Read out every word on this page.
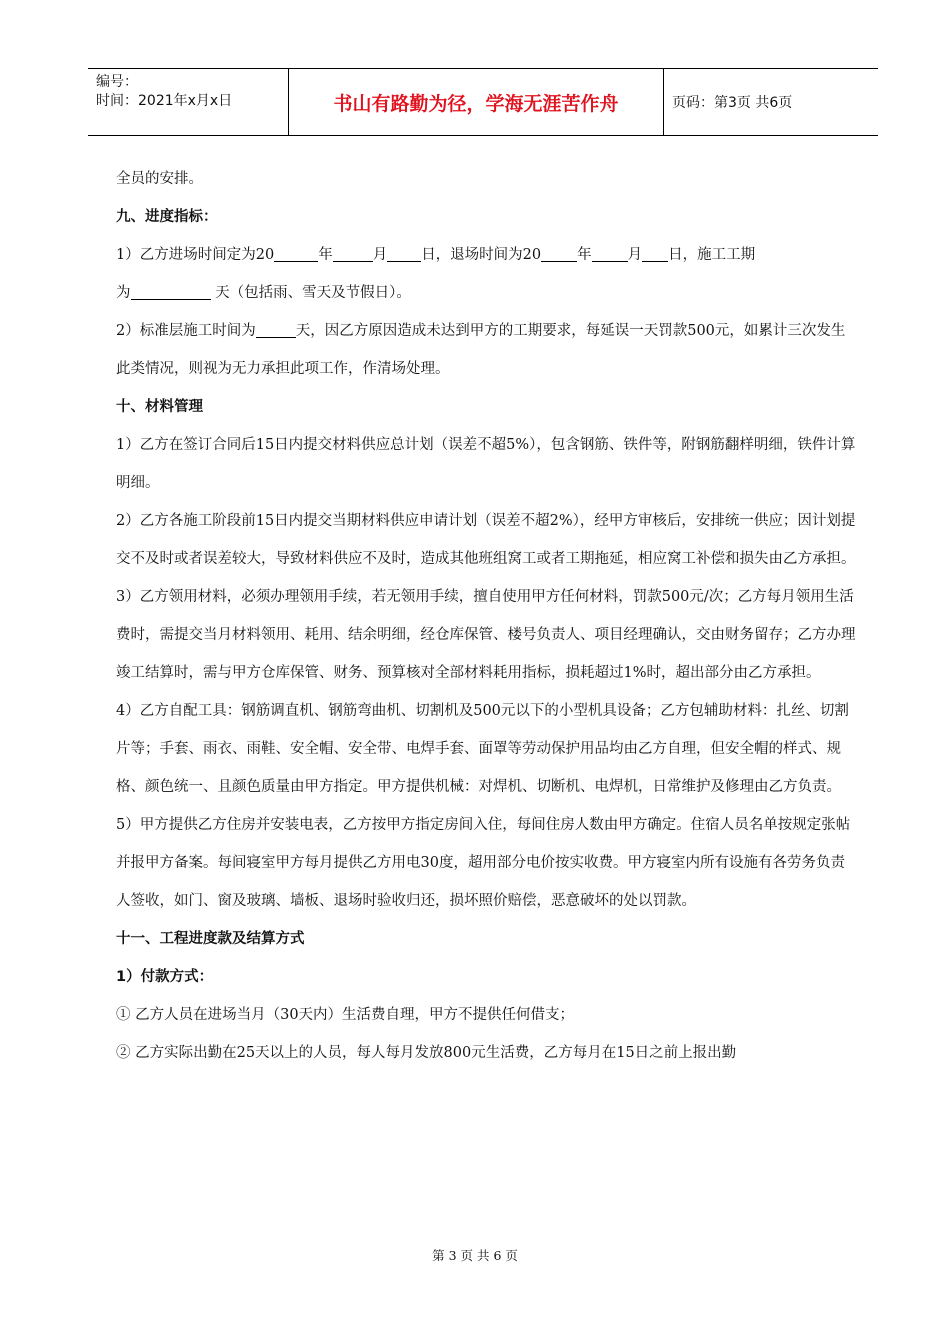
编号：
时间：2021年x月x日	书山有路勤为径，学海无涯苦作舟	页码：第3页 共6页

全员的安排。

九、进度指标：

1）乙方进场时间定为20	年	月 日，退场时间为20 年 月 日，施工工期
为	天（包括雨、雪天及节假日）。

2）标准层施工时间为	天，因乙方原因造成未达到甲方的工期要求，每延误一天罚款500元，如累计三次发生此类情况，则视为无力承担此项工作，作清场处理。

十、材料管理

1）乙方在签订合同后15日内提交材料供应总计划（误差不超5%），包含钢筋、铁件等，附钢筋翻样明细，铁件计算明细。

2）乙方各施工阶段前15日内提交当期材料供应申请计划（误差不超2%），经甲方审核后，安排统一供应；因计划提交不及时或者误差较大，导致材料供应不及时，造成其他班组窝工或者工期拖延，相应窝工补偿和损失由乙方承担。

3）乙方领用材料，必须办理领用手续，若无领用手续，擅自使用甲方任何材料，罚款500元/次；乙方每月领用生活费时，需提交当月材料领用、耗用、结余明细，经仓库保管、楼号负责人、项目经理确认，交由财务留存；乙方办理竣工结算时，需与甲方仓库保管、财务、预算核对全部材料耗用指标，损耗超过1%时，超出部分由乙方承担。

4）乙方自配工具：钢筋调直机、钢筋弯曲机、切割机及500元以下的小型机具设备；乙方包辅助材料：扎丝、切割片等；手套、雨衣、雨鞋、安全帽、安全带、电焊手套、面罩等劳动保护用品均由乙方自理，但安全帽的样式、规格、颜色统一、且颜色质量由甲方指定。甲方提供机械：对焊机、切断机、电焊机，日常维护及修理由乙方负责。

5）甲方提供乙方住房并安装电表，乙方按甲方指定房间入住，每间住房人数由甲方确定。住宿人员名单按规定张帖并报甲方备案。每间寝室甲方每月提供乙方用电30度，超用部分电价按实收费。甲方寝室内所有设施有各劳务负责人签收，如门、窗及玻璃、墙板、退场时验收归还，损坏照价赔偿，恶意破坏的处以罚款。

十一、工程进度款及结算方式

1）付款方式：

① 乙方人员在进场当月（30天内）生活费自理，甲方不提供任何借支；

② 乙方实际出勤在25天以上的人员，每人每月发放800元生活费，乙方每月在15日之前上报出勤

第 3 页 共 6 页
